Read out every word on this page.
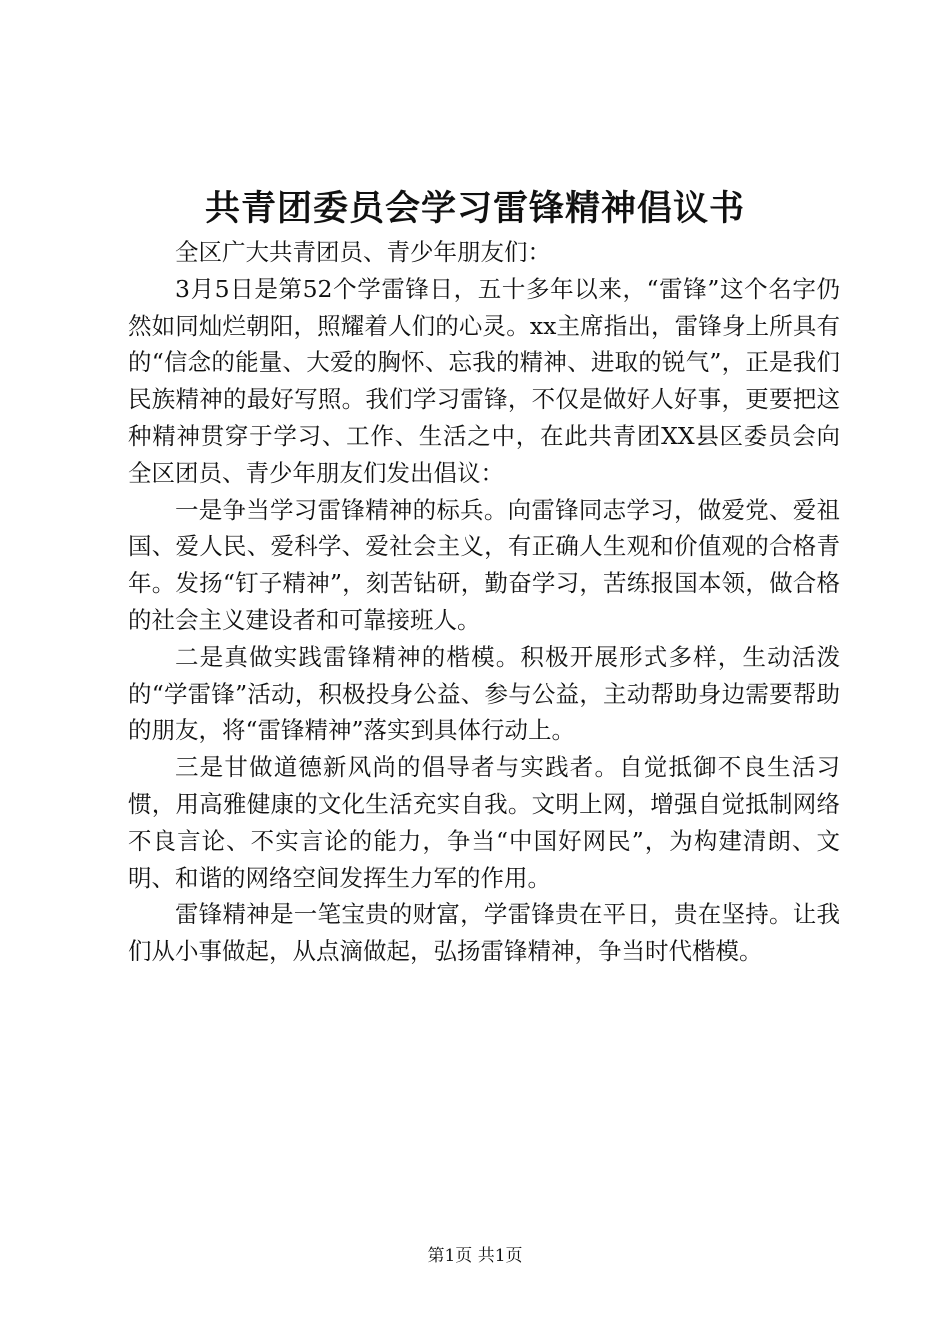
共青团委员会学习雷锋精神倡议书

全区广大共青团员、青少年朋友们：

3月5日是第52个学雷锋日，五十多年以来，“雷锋”这个名字仍然如同灿烂朝阳，照耀着人们的心灵。xx主席指出，雷锋身上所具有的“信念的能量、大爱的胸怀、忘我的精神、进取的锐气”，正是我们民族精神的最好写照。我们学习雷锋，不仅是做好人好事，更要把这种精神贯穿于学习、工作、生活之中，在此共青团XX县区委员会向全区团员、青少年朋友们发出倡议：

一是争当学习雷锋精神的标兵。向雷锋同志学习，做爱党、爱祖国、爱人民、爱科学、爱社会主义，有正确人生观和价值观的合格青年。发扬“钉子精神”，刻苦钻研，勤奋学习，苦练报国本领，做合格的社会主义建设者和可靠接班人。

二是真做实践雷锋精神的楷模。积极开展形式多样，生动活泼的“学雷锋”活动，积极投身公益、参与公益，主动帮助身边需要帮助的朋友，将“雷锋精神”落实到具体行动上。

三是甘做道德新风尚的倡导者与实践者。自觉抵御不良生活习惯，用高雅健康的文化生活充实自我。文明上网，增强自觉抵制网络不良言论、不实言论的能力，争当“中国好网民”，为构建清朗、文明、和谐的网络空间发挥生力军的作用。

雷锋精神是一笔宝贵的财富，学雷锋贵在平日，贵在坚持。让我们从小事做起，从点滴做起，弘扬雷锋精神，争当时代楷模。

第1页 共1页
